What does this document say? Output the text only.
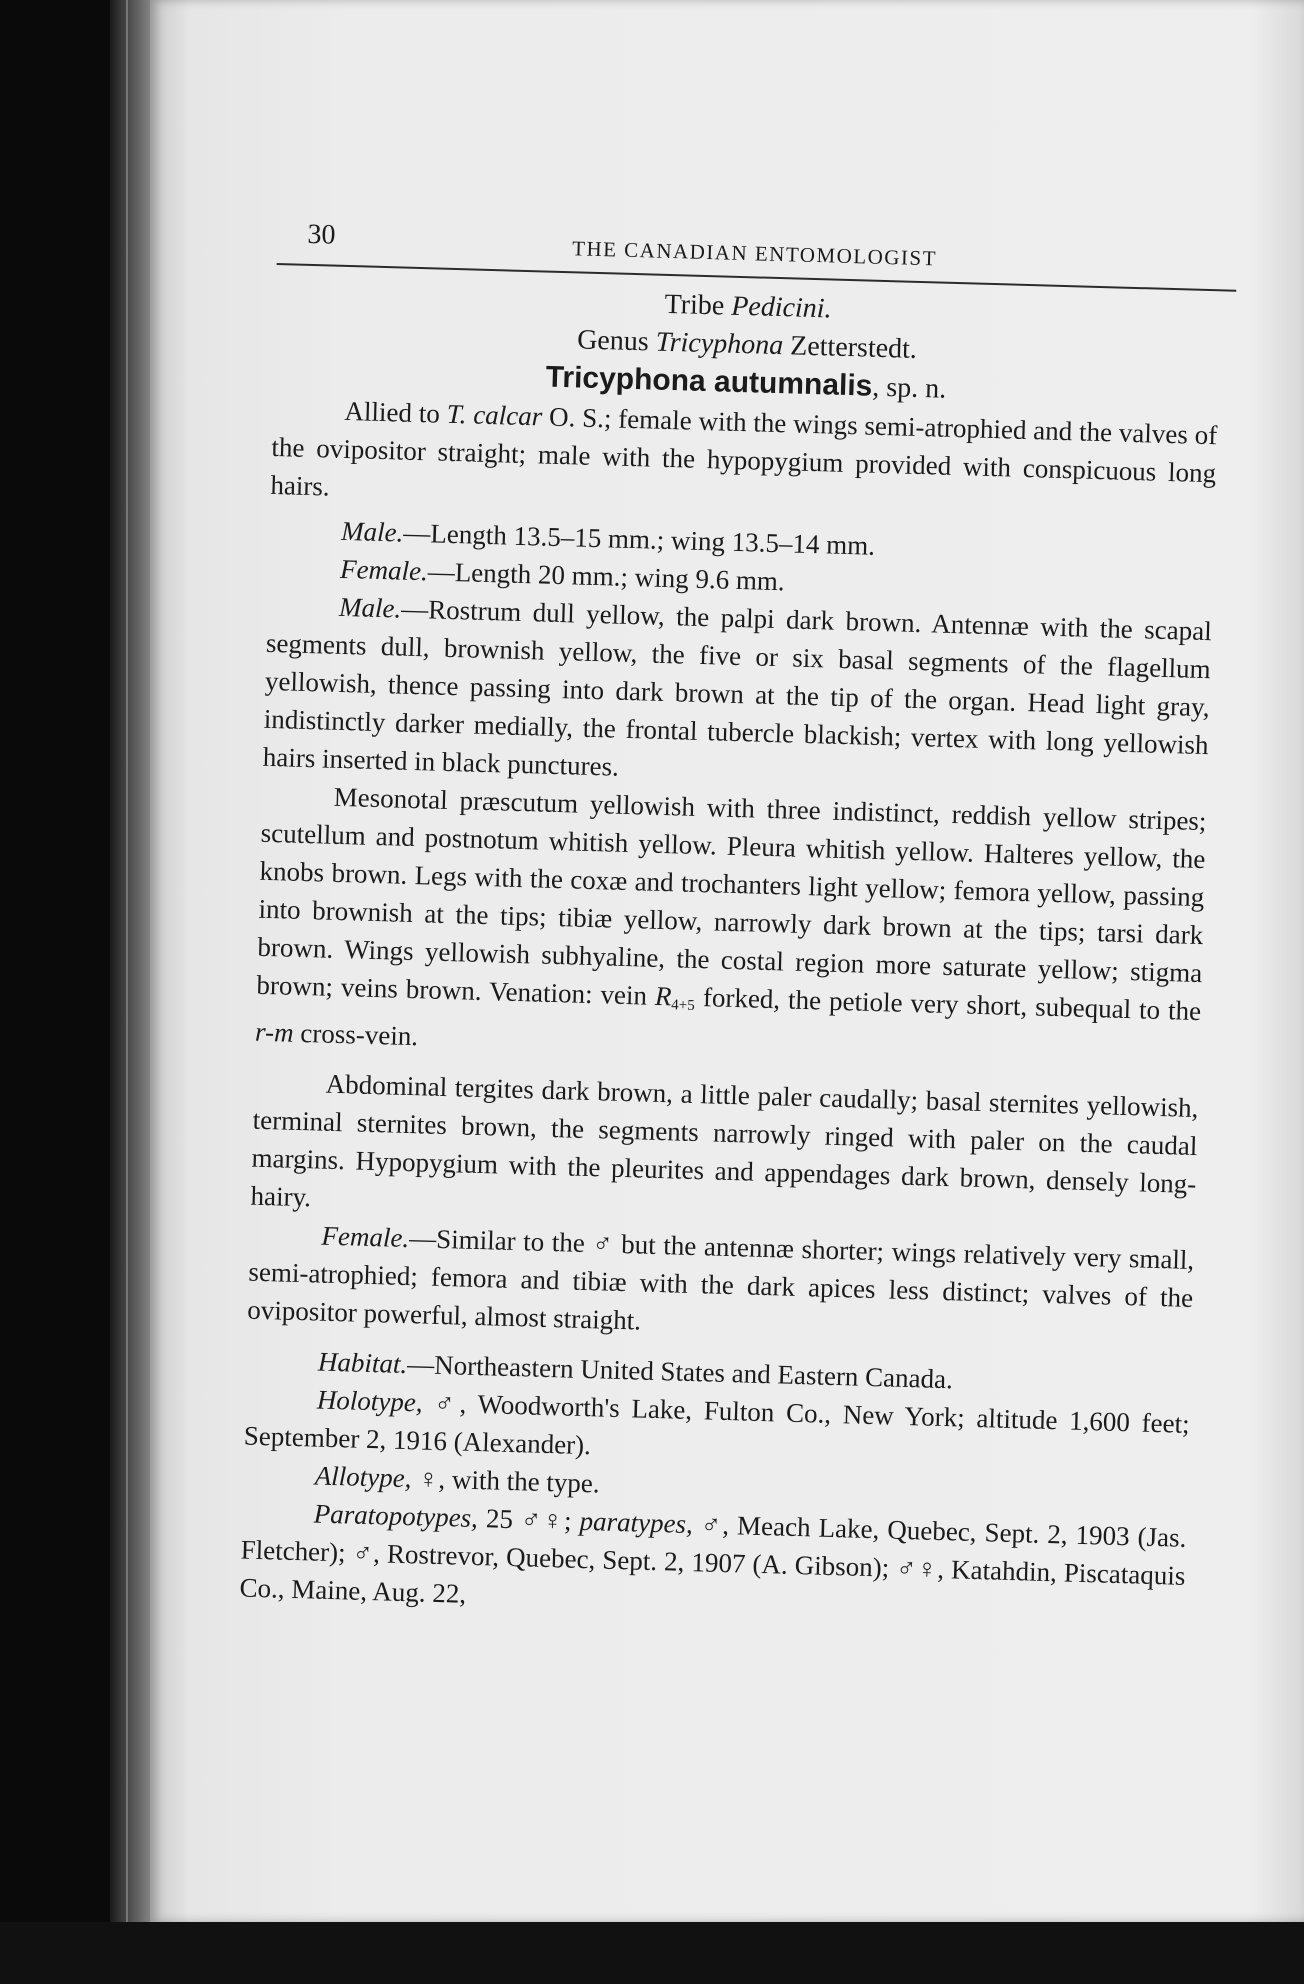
30
THE CANADIAN ENTOMOLOGIST
Tribe Pedicini.
Genus Tricyphona Zetterstedt.
Tricyphona autumnalis, sp. n.

Allied to T. calcar O. S.; female with the wings semi-atrophied and the valves of the ovipositor straight; male with the hypopygium provided with conspicuous long hairs.

Male.—Length 13.5–15 mm.; wing 13.5–14 mm.

Female.—Length 20 mm.; wing 9.6 mm.

Male.—Rostrum dull yellow, the palpi dark brown. Antennæ with the scapal segments dull, brownish yellow, the five or six basal segments of the flagellum yellowish, thence passing into dark brown at the tip of the organ. Head light gray, indistinctly darker medially, the frontal tubercle blackish; vertex with long yellowish hairs inserted in black punctures.

Mesonotal præscutum yellowish with three indistinct, reddish yellow stripes; scutellum and postnotum whitish yellow. Pleura whitish yellow. Halteres yellow, the knobs brown. Legs with the coxæ and trochanters light yellow; femora yellow, passing into brownish at the tips; tibiæ yellow, narrowly dark brown at the tips; tarsi dark brown. Wings yellowish subhyaline, the costal region more saturate yellow; stigma brown; veins brown. Venation: vein $R_{4+5}$ forked, the petiole very short, subequal to the r-m cross-vein.

Abdominal tergites dark brown, a little paler caudally; basal sternites yellowish, terminal sternites brown, the segments narrowly ringed with paler on the caudal margins. Hypopygium with the pleurites and appendages dark brown, densely long-hairy.

Female.—Similar to the ♂ but the antennæ shorter; wings relatively very small, semi-atrophied; femora and tibiæ with the dark apices less distinct; valves of the ovipositor powerful, almost straight.

Habitat.—Northeastern United States and Eastern Canada.

Holotype, ♂, Woodworth's Lake, Fulton Co., New York; altitude 1,600 feet; September 2, 1916 (Alexander).

Allotype, ♀, with the type.

Paratopotypes, 25 ♂♀; paratypes, ♂, Meach Lake, Quebec, Sept. 2, 1903 (Jas. Fletcher); ♂, Rostrevor, Quebec, Sept. 2, 1907 (A. Gibson); ♂♀, Katahdin, Piscataquis Co., Maine, Aug. 22,
